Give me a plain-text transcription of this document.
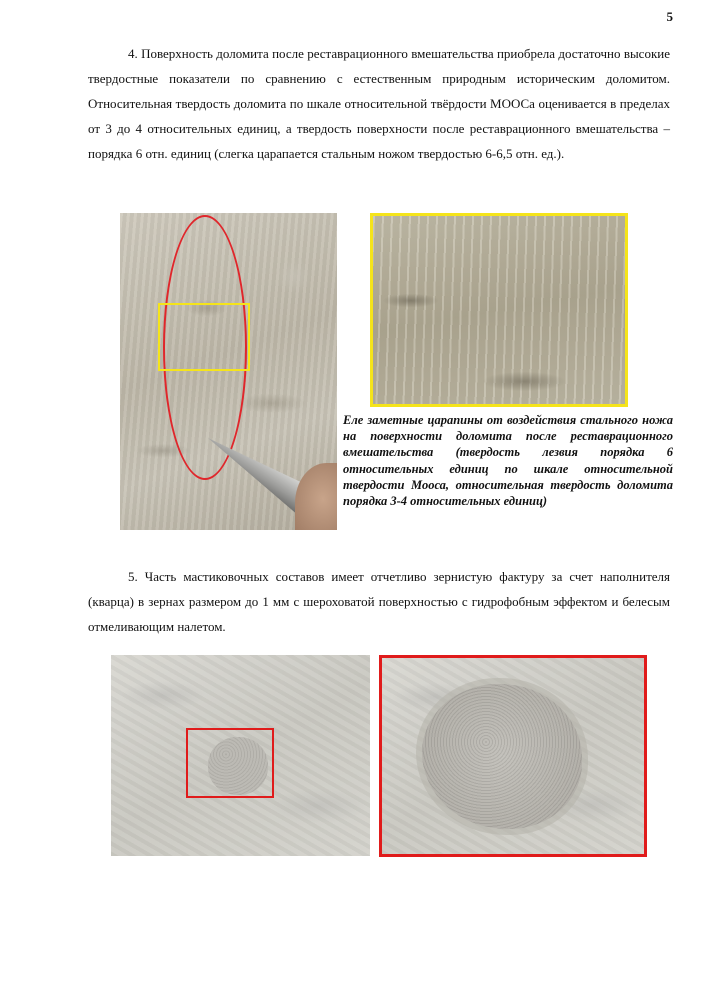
5

4. Поверхность доломита после реставрационного вмешательства приобрела достаточно высокие твердостные показатели по сравнению с естественным природным историческим доломитом. Относительная твердость доломита по шкале относительной твёрдости МООСа оценивается в пределах от 3 до 4 относительных единиц, а твердость поверхности после реставрационного вмешательства – порядка 6 отн. единиц (слегка царапается стальным ножом твердостью 6-6,5 отн. ед.).

Еле заметные царапины от воздействия стального ножа на поверхности доломита после реставрационного вмешательства (твердость лезвия порядка 6 относительных единиц по шкале относительной твердости Мооса, относительная твердость доломита порядка 3-4 относительных единиц)

5. Часть мастиковочных составов имеет отчетливо зернистую фактуру за счет наполнителя (кварца) в зернах размером до 1 мм с шероховатой поверхностью с гидрофобным эффектом и белесым отмеливающим налетом.
